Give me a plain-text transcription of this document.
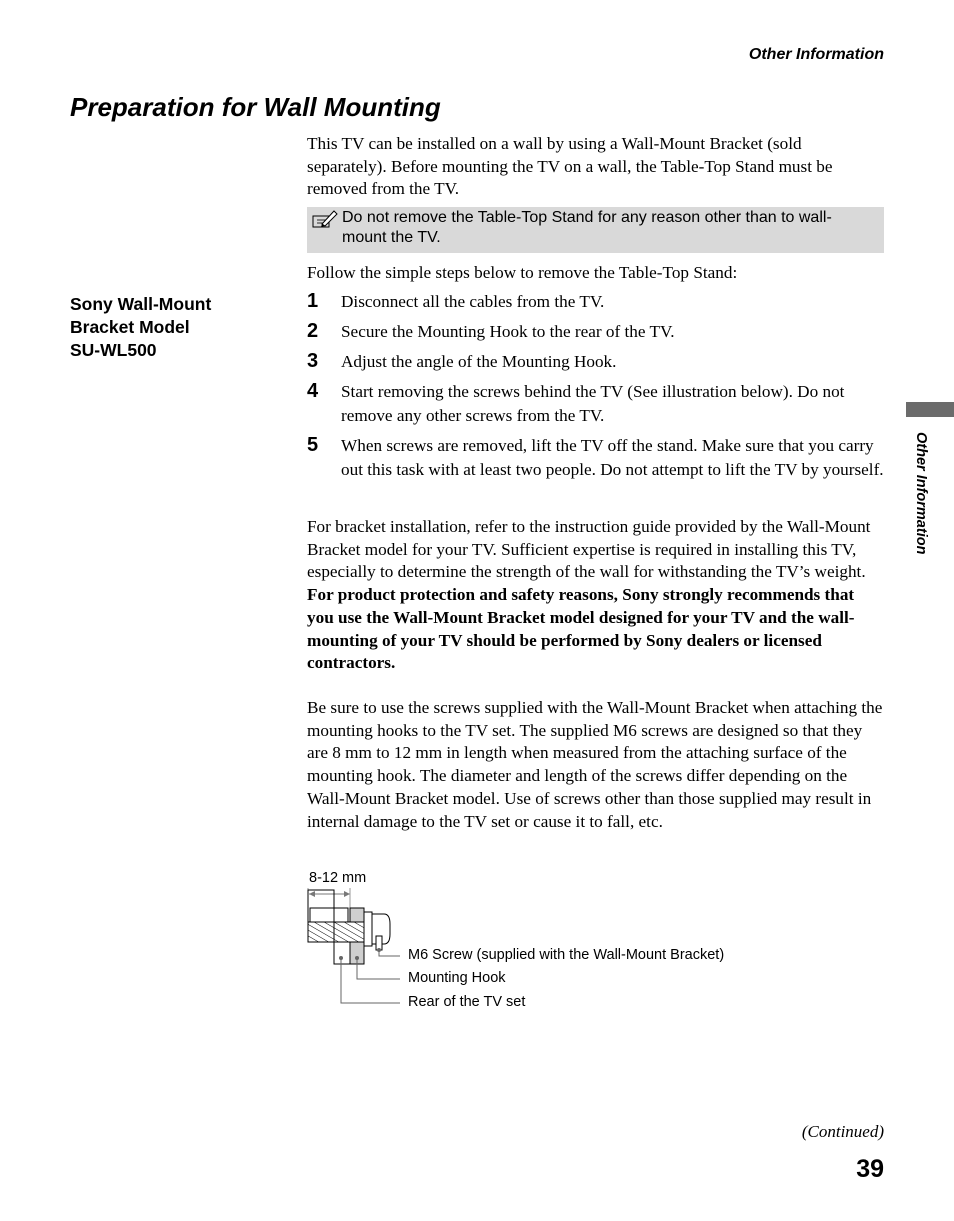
Other Information
Preparation for Wall Mounting
Sony Wall-Mount
Bracket Model
SU-WL500
Other Information

This TV can be installed on a wall by using a Wall-Mount Bracket (sold separately). Before mounting the TV on a wall, the Table-Top Stand must be removed from the TV.

Do not remove the Table-Top Stand for any reason other than to wall-mount the TV.

Follow the simple steps below to remove the Table-Top Stand:

1 Disconnect all the cables from the TV.
2 Secure the Mounting Hook to the rear of the TV.
3 Adjust the angle of the Mounting Hook.
4 Start removing the screws behind the TV (See illustration below). Do not remove any other screws from the TV.
5 When screws are removed, lift the TV off the stand. Make sure that you carry out this task with at least two people. Do not attempt to lift the TV by yourself.

For bracket installation, refer to the instruction guide provided by the Wall-Mount Bracket model for your TV. Sufficient expertise is required in installing this TV, especially to determine the strength of the wall for withstanding the TV’s weight. For product protection and safety reasons, Sony strongly recommends that you use the Wall-Mount Bracket model designed for your TV and the wall-mounting of your TV should be performed by Sony dealers or licensed contractors.

Be sure to use the screws supplied with the Wall-Mount Bracket when attaching the mounting hooks to the TV set. The supplied M6 screws are designed so that they are 8 mm to 12 mm in length when measured from the attaching surface of the mounting hook. The diameter and length of the screws differ depending on the Wall-Mount Bracket model. Use of screws other than those supplied may result in internal damage to the TV set or cause it to fall, etc.

8-12 mm
M6 Screw (supplied with the Wall-Mount Bracket)
Mounting Hook
Rear of the TV set
(Continued)
39
